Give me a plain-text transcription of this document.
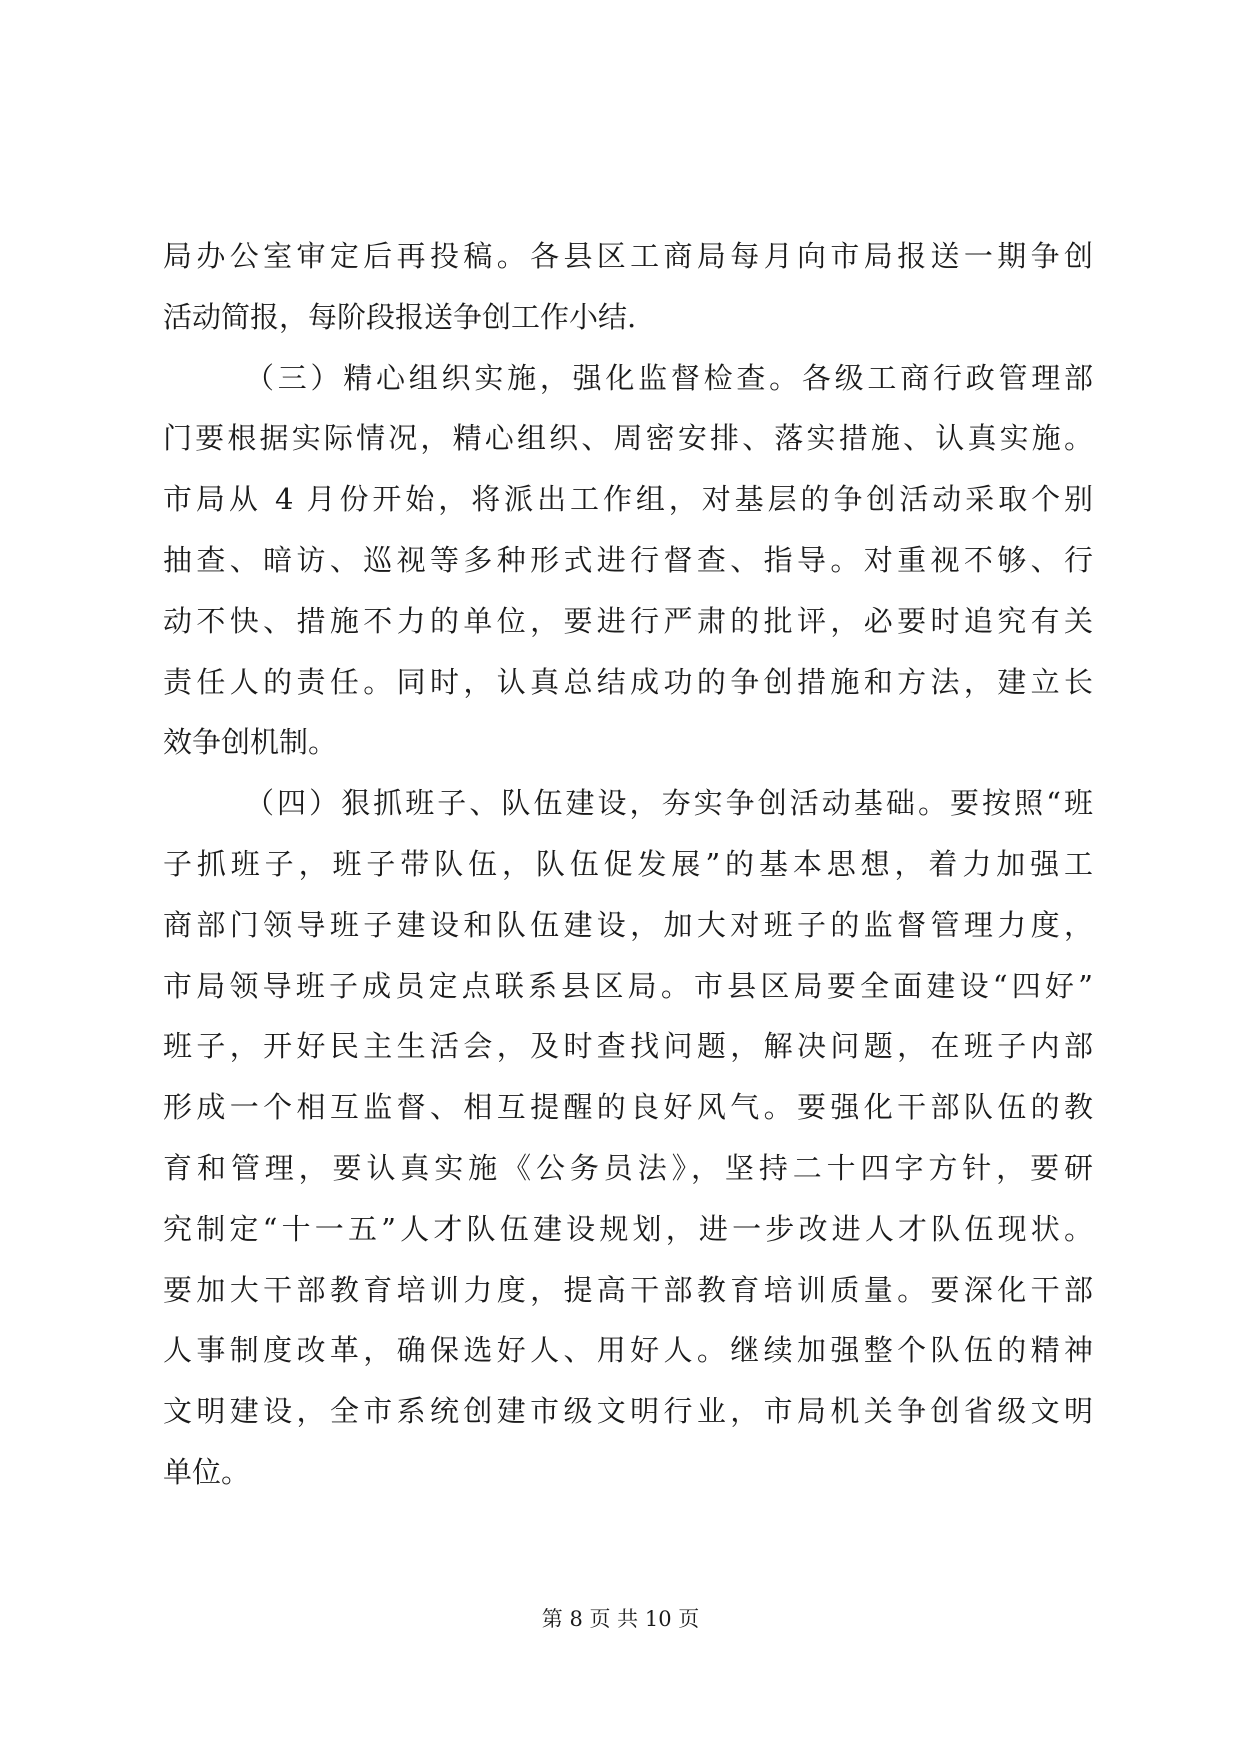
局办公室审定后再投稿。各县区工商局每月向市局报送一期争创
活动简报，每阶段报送争创工作小结.
（三）精心组织实施，强化监督检查。各级工商行政管理部
门要根据实际情况，精心组织、周密安排、落实措施、认真实施。
市局从 4 月份开始，将派出工作组，对基层的争创活动采取个别
抽查、暗访、巡视等多种形式进行督查、指导。对重视不够、行
动不快、措施不力的单位，要进行严肃的批评，必要时追究有关
责任人的责任。同时，认真总结成功的争创措施和方法，建立长
效争创机制。
（四）狠抓班子、队伍建设，夯实争创活动基础。要按照“班
子抓班子，班子带队伍，队伍促发展”的基本思想，着力加强工
商部门领导班子建设和队伍建设，加大对班子的监督管理力度，
市局领导班子成员定点联系县区局。市县区局要全面建设“四好”
班子，开好民主生活会，及时查找问题，解决问题，在班子内部
形成一个相互监督、相互提醒的良好风气。要强化干部队伍的教
育和管理，要认真实施《公务员法》，坚持二十四字方针，要研
究制定“十一五”人才队伍建设规划，进一步改进人才队伍现状。
要加大干部教育培训力度，提高干部教育培训质量。要深化干部
人事制度改革，确保选好人、用好人。继续加强整个队伍的精神
文明建设，全市系统创建市级文明行业，市局机关争创省级文明
单位。
第 8 页 共 10 页
